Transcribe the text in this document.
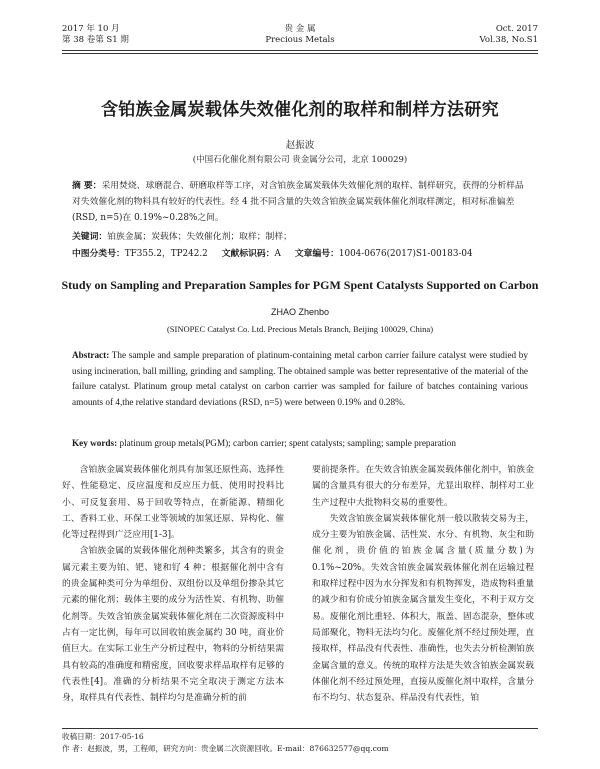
2017 年 10 月
第 38 卷第 S1 期
贵 金 属
Precious Metals
Oct. 2017
Vol.38, No.S1
含铂族金属炭载体失效催化剂的取样和制样方法研究
赵振波
(中国石化催化剂有限公司 贵金属分公司，北京 100029)
摘 要：采用焚烧、球磨混合、研磨取样等工序，对含铂族金属炭载体失效催化剂的取样、制样研究，获得的分析样品对失效催化剂的物料具有较好的代表性。经 4 批不同含量的失效含铂族金属炭载体催化剂取样测定，相对标准偏差(RSD, n=5)在 0.19%~0.28%之间。
关键词：铂族金属；炭载体；失效催化剂；取样；制样；
中图分类号：TF355.2，TP242.2 文献标识码：A 文章编号：1004-0676(2017)S1-00183-04
Study on Sampling and Preparation Samples for PGM Spent Catalysts Supported on Carbon
ZHAO Zhenbo
(SINOPEC Catalyst Co. Ltd. Precious Metals Branch, Beijing 100029, China)
Abstract: The sample and sample preparation of platinum-containing metal carbon carrier failure catalyst were studied by using incineration, ball milling, grinding and sampling. The obtained sample was better representative of the material of the failure catalyst. Platinum group metal catalyst on carbon carrier was sampled for failure of batches containing various amounts of 4,the relative standard deviations (RSD, n=5) were between 0.19% and 0.28%.
Key words: platinum group metals(PGM); carbon carrier; spent catalysts; sampling; sample preparation

含铂族金属炭载体催化剂具有加氢还原性高、选择性好、性能稳定、反应温度和反应压力低、使用时投料比小、可反复套用、易于回收等特点，在新能源、精细化工、香料工业、环保工业等领域的加氢还原、异构化、催化等过程得到广泛应用[1-3]。

含铂族金属的炭载体催化剂种类繁多，其含有的贵金属元素主要为铂、钯、铑和钌 4 种；根据催化剂中含有的贵金属种类可分为单组份、双组份以及单组份掺杂其它元素的催化剂；载体主要的成分为活性炭、有机物、助催化剂等。失效含铂族金属炭载体催化剂在二次资源废料中占有一定比例，每年可以回收铂族金属约 30 吨，商业价值巨大。在实际工业生产分析过程中，物料的分析结果需具有较高的准确度和精密度，回收要求样品取样有足够的代表性[4]。准确的分析结果不完全取决于测定方法本身，取样具有代表性、制样均匀是准确分析的前

要前提条件。在失效含铂族金属炭载体催化剂中，铂族金属的含量具有很大的分布差异，尤显出取样、制样对工业生产过程中大批物料交易的重要性。

失效含铂族金属炭载体催化剂一般以散装交易为主，成分主要为铂族金属、活性炭、水分、有机物、灰尘和助催化剂，贵价值的铂族金属含量(质量分数)为 0.1%~20%。失效含铂族金属炭载体催化剂在运输过程和取样过程中因为水分挥发和有机物挥发，造成物料重量的减少和有价成分铂族金属含量发生变化，不利于双方交易。废催化剂比重轻、体积大，瓶盖、固态混杂，整体或局部聚化，物料无法均匀化。废催化剂不经过预处理，直接取样，样品没有代表性、准确性，也失去分析检测铂族金属含量的意义。传统的取样方法是失效含铂族金属炭载体催化剂不经过预处理，直接从废催化剂中取样，含量分布不均匀、状态复杂、样品没有代表性，铂

收稿日期：2017-05-16
作 者：赵振波，男，工程师，研究方向：贵金属二次资源回收。E-mail：876632577@qq.com
